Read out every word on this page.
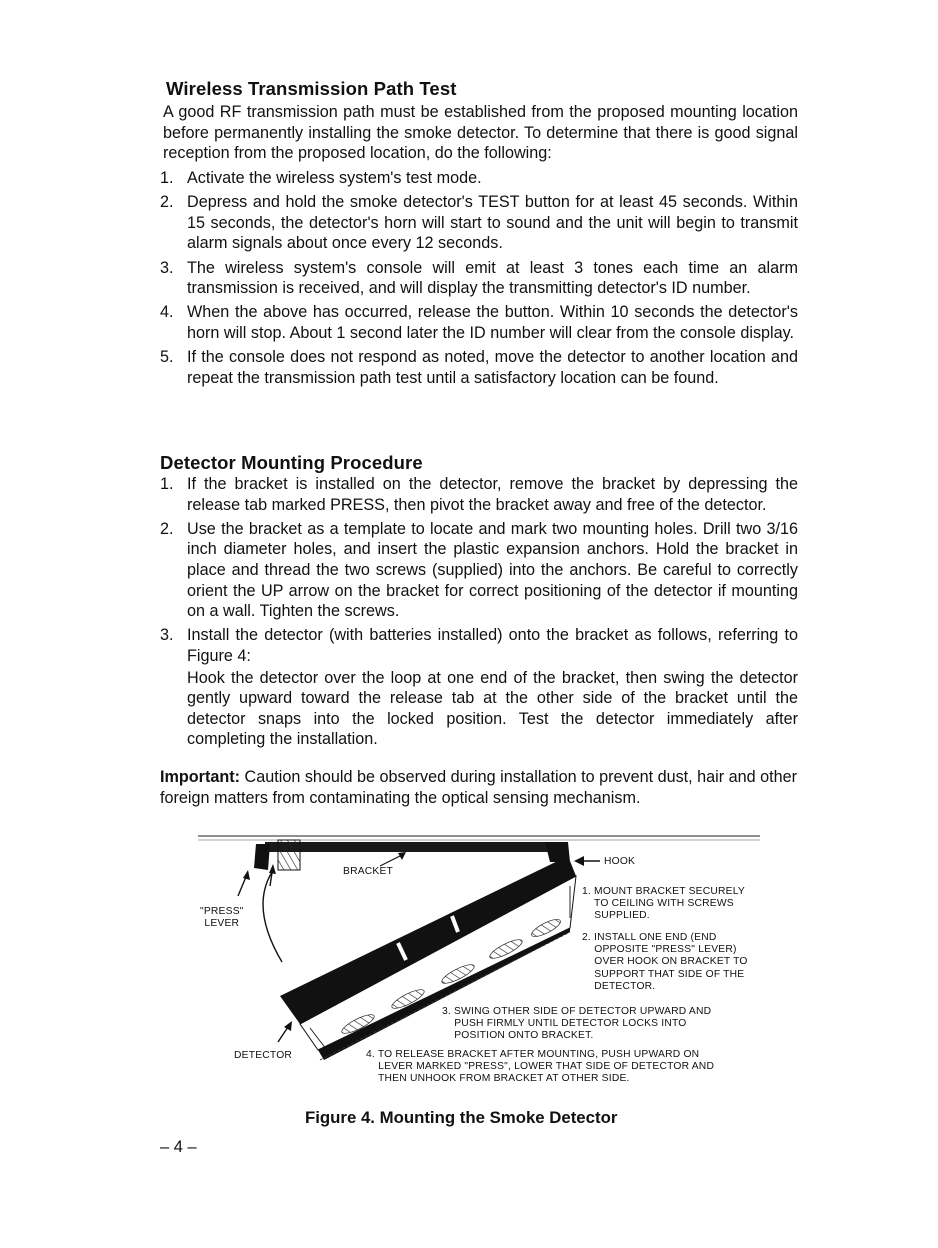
Wireless Transmission Path Test
A good RF transmission path must be established from the proposed mounting location before permanently installing the smoke detector. To determine that there is good signal reception from the proposed location, do the following:
1. Activate the wireless system's test mode.
2. Depress and hold the smoke detector's TEST button for at least 45 seconds. Within 15 seconds, the detector's horn will start to sound and the unit will begin to transmit alarm signals about once every 12 seconds.
3. The wireless system's console will emit at least 3 tones each time an alarm transmission is received, and will display the transmitting detector's ID number.
4. When the above has occurred, release the button. Within 10 seconds the detector's horn will stop. About 1 second later the ID number will clear from the console display.
5. If the console does not respond as noted, move the detector to another location and repeat the transmission path test until a satisfactory location can be found.
Detector Mounting Procedure
1. If the bracket is installed on the detector, remove the bracket by depressing the release tab marked PRESS, then pivot the bracket away and free of the detector.
2. Use the bracket as a template to locate and mark two mounting holes. Drill two 3/16 inch diameter holes, and insert the plastic expansion anchors. Hold the bracket in place and thread the two screws (supplied) into the anchors. Be careful to correctly orient the UP arrow on the bracket for correct positioning of the detector if mounting on a wall. Tighten the screws.
3. Install the detector (with batteries installed) onto the bracket as follows, referring to Figure 4:
Hook the detector over the loop at one end of the bracket, then swing the detector gently upward toward the release tab at the other side of the bracket until the detector snaps into the locked position. Test the detector immediately after completing the installation.
Important: Caution should be observed during installation to prevent dust, hair and other foreign matters from contaminating the optical sensing mechanism.
BRACKET
HOOK
"PRESS"
LEVER
DETECTOR
1. MOUNT BRACKET SECURELY
TO CEILING WITH SCREWS
SUPPLIED.
2. INSTALL ONE END (END
OPPOSITE "PRESS" LEVER)
OVER HOOK ON BRACKET TO
SUPPORT THAT SIDE OF THE
DETECTOR.
3. SWING OTHER SIDE OF DETECTOR UPWARD AND
PUSH FIRMLY UNTIL DETECTOR LOCKS INTO
POSITION ONTO BRACKET.
4. TO RELEASE BRACKET AFTER MOUNTING, PUSH UPWARD ON
LEVER MARKED "PRESS", LOWER THAT SIDE OF DETECTOR AND
THEN UNHOOK FROM BRACKET AT OTHER SIDE.
Figure 4. Mounting the Smoke Detector
– 4 –
